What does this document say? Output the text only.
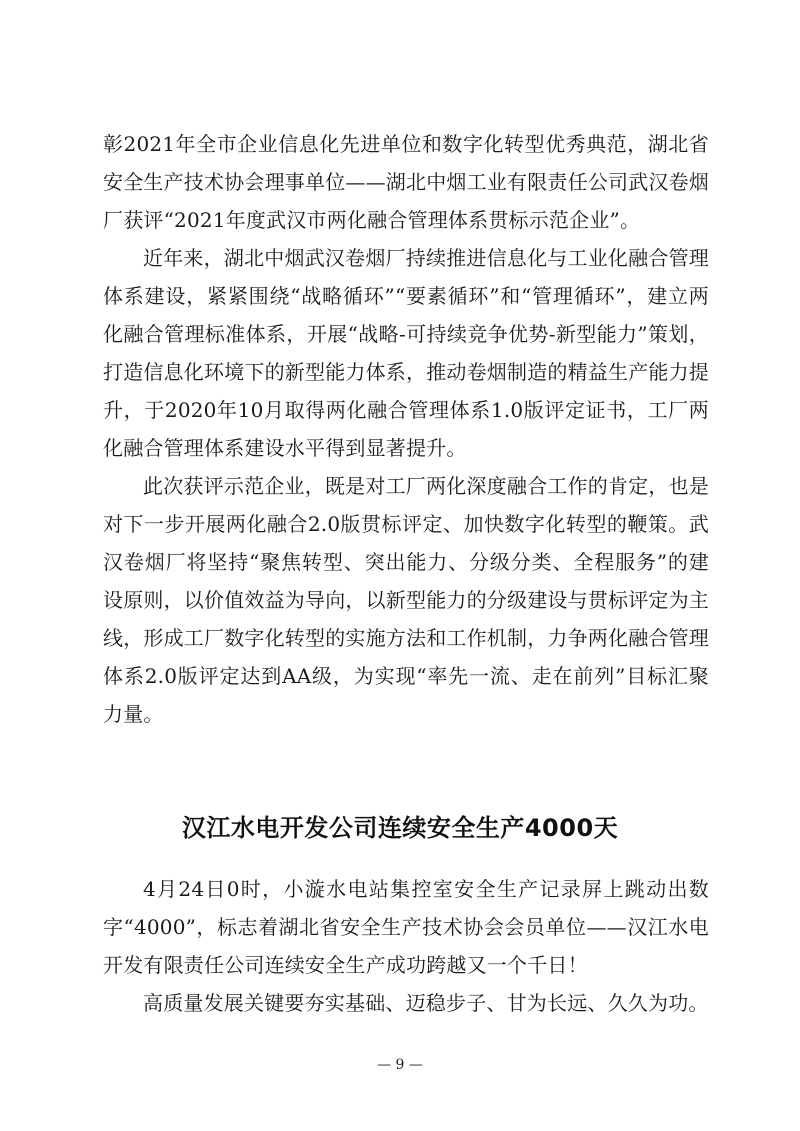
彰2021年全市企业信息化先进单位和数字化转型优秀典范，湖北省安全生产技术协会理事单位——湖北中烟工业有限责任公司武汉卷烟厂获评“2021年度武汉市两化融合管理体系贯标示范企业”。

近年来，湖北中烟武汉卷烟厂持续推进信息化与工业化融合管理体系建设，紧紧围绕“战略循环”“要素循环”和“管理循环”，建立两化融合管理标准体系，开展“战略-可持续竞争优势-新型能力”策划，打造信息化环境下的新型能力体系，推动卷烟制造的精益生产能力提升，于2020年10月取得两化融合管理体系1.0版评定证书，工厂两化融合管理体系建设水平得到显著提升。

此次获评示范企业，既是对工厂两化深度融合工作的肯定，也是对下一步开展两化融合2.0版贯标评定、加快数字化转型的鞭策。武汉卷烟厂将坚持“聚焦转型、突出能力、分级分类、全程服务”的建设原则，以价值效益为导向，以新型能力的分级建设与贯标评定为主线，形成工厂数字化转型的实施方法和工作机制，力争两化融合管理体系2.0版评定达到AA级，为实现“率先一流、走在前列”目标汇聚力量。

汉江水电开发公司连续安全生产4000天

4月24日0时，小漩水电站集控室安全生产记录屏上跳动出数字“4000”，标志着湖北省安全生产技术协会会员单位——汉江水电开发有限责任公司连续安全生产成功跨越又一个千日！

高质量发展关键要夯实基础、迈稳步子、甘为长远、久久为功。

— 9 —
